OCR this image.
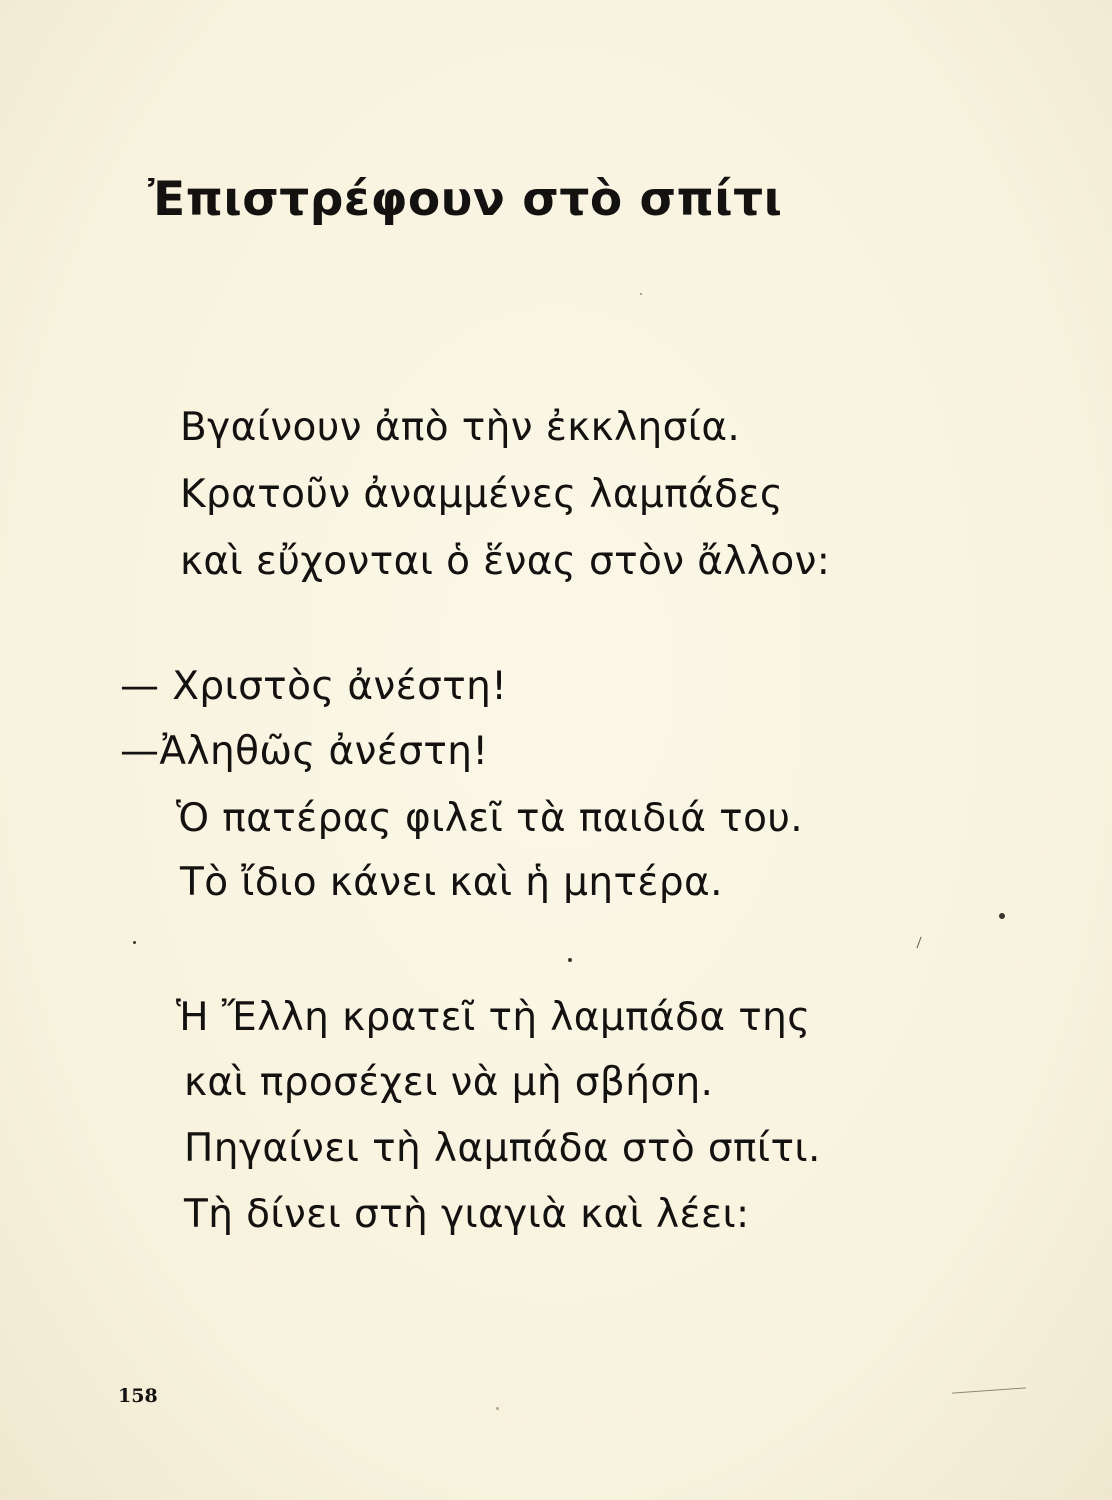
Ἐπιστρέφουν στὸ σπίτι
Βγαίνουν ἀπὸ τὴν ἐκκλησία.
Κρατοῦν ἀναμμένες λαμπάδες
καὶ εὔχονται ὁ ἕνας στὸν ἄλλον:
— Χριστὸς ἀνέστη!
—Ἀληθῶς ἀνέστη!
Ὁ πατέρας φιλεῖ τὰ παιδιά του.
Τὸ ἴδιο κάνει καὶ ἡ μητέρα.
Ἡ Ἔλλη κρατεῖ τὴ λαμπάδα της
καὶ προσέχει νὰ μὴ σβήση.
Πηγαίνει τὴ λαμπάδα στὸ σπίτι.
Τὴ δίνει στὴ γιαγιὰ καὶ λέει:
158
